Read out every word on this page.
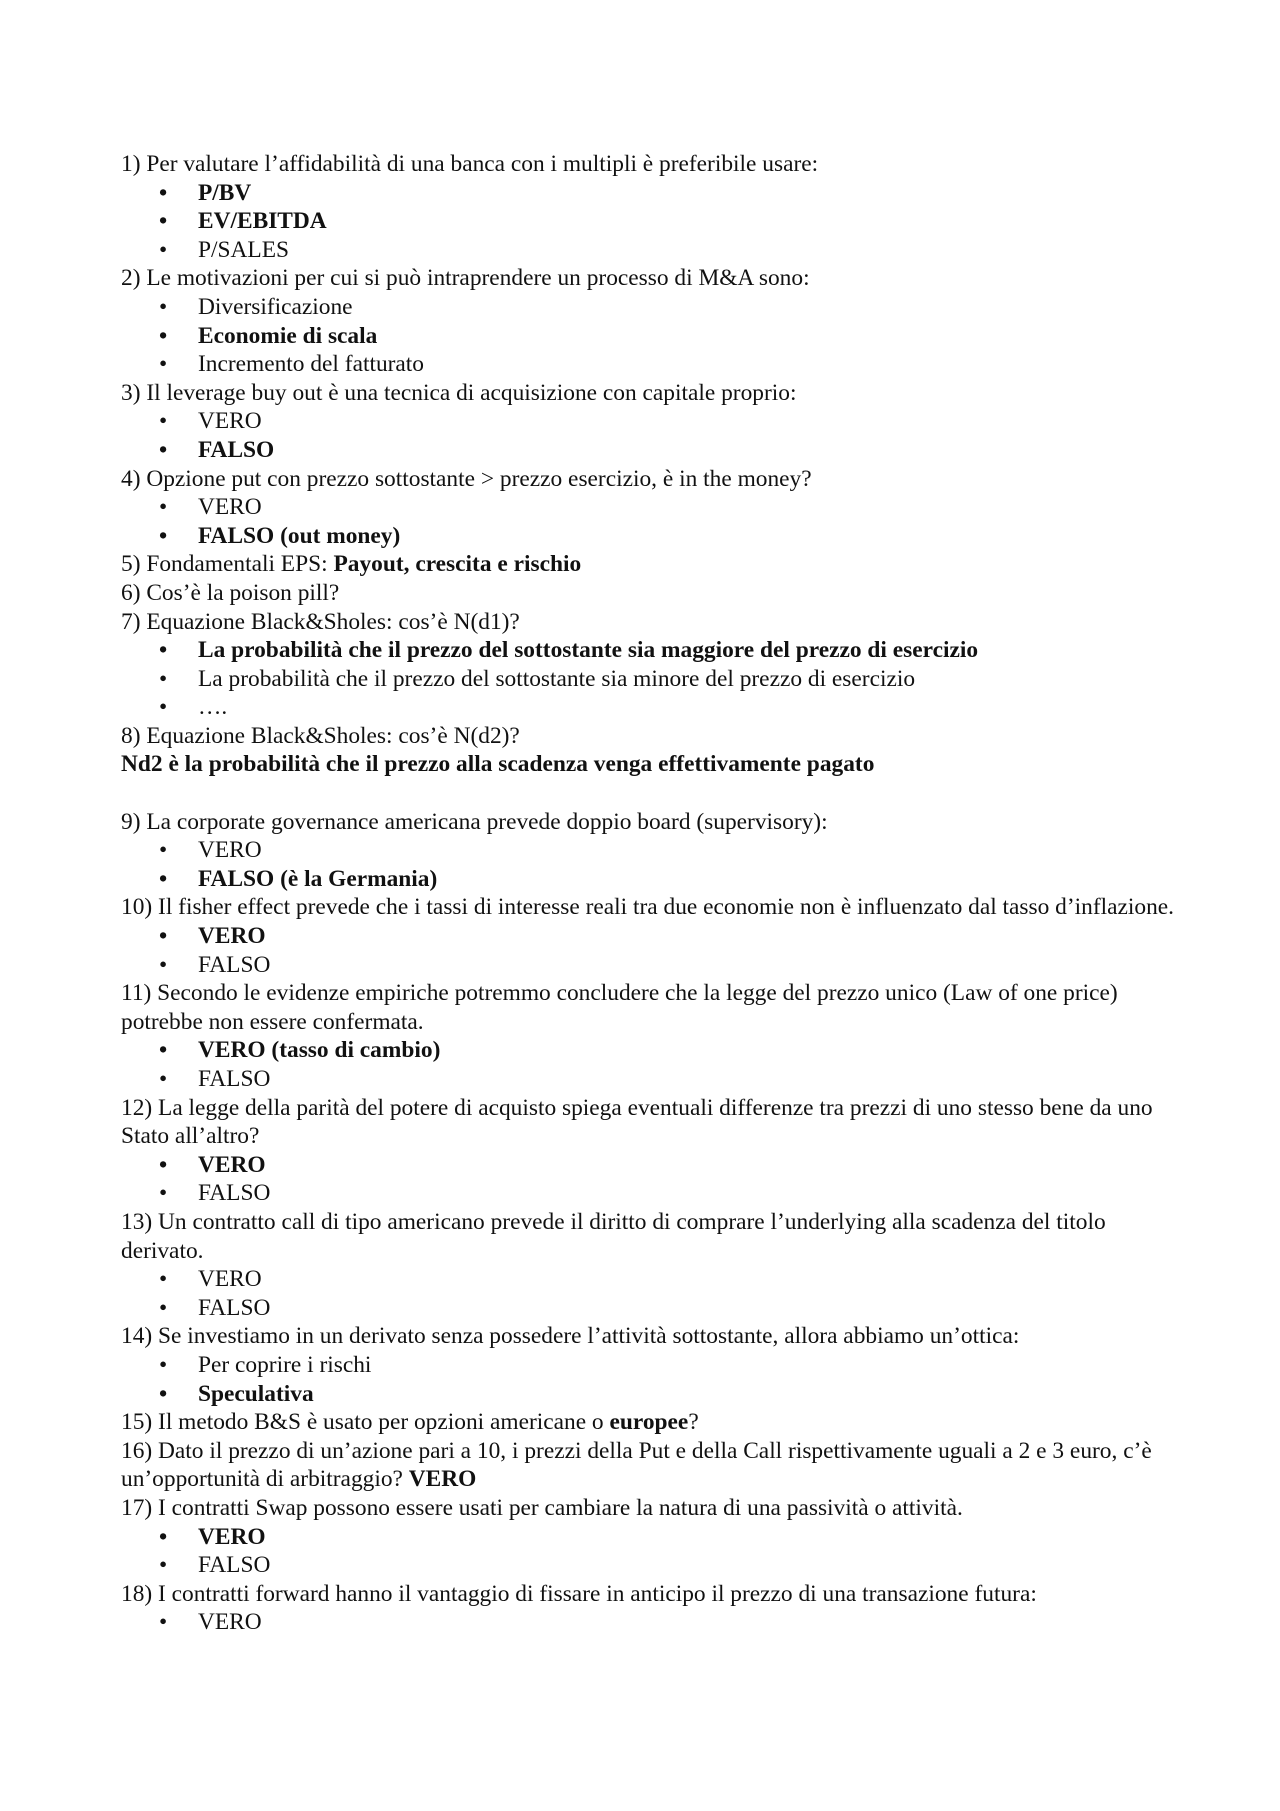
1) Per valutare l’affidabilità di una banca con i multipli è preferibile usare:
• P/BV
• EV/EBITDA
• P/SALES
2) Le motivazioni per cui si può intraprendere un processo di M&A sono:
• Diversificazione
• Economie di scala
• Incremento del fatturato
3) Il leverage buy out è una tecnica di acquisizione con capitale proprio:
• VERO
• FALSO
4) Opzione put con prezzo sottostante > prezzo esercizio, è in the money?
• VERO
• FALSO (out money)
5) Fondamentali EPS: Payout, crescita e rischio
6) Cos’è la poison pill?
7) Equazione Black&Sholes: cos’è N(d1)?
• La probabilità che il prezzo del sottostante sia maggiore del prezzo di esercizio
• La probabilità che il prezzo del sottostante sia minore del prezzo di esercizio
• ….
8) Equazione Black&Sholes: cos’è N(d2)?
Nd2 è la probabilità che il prezzo alla scadenza venga effettivamente pagato
9) La corporate governance americana prevede doppio board (supervisory):
• VERO
• FALSO (è la Germania)
10) Il fisher effect prevede che i tassi di interesse reali tra due economie non è influenzato dal tasso d’inflazione.
• VERO
• FALSO
11) Secondo le evidenze empiriche potremmo concludere che la legge del prezzo unico (Law of one price) potrebbe non essere confermata.
• VERO (tasso di cambio)
• FALSO
12) La legge della parità del potere di acquisto spiega eventuali differenze tra prezzi di uno stesso bene da uno Stato all’altro?
• VERO
• FALSO
13) Un contratto call di tipo americano prevede il diritto di comprare l’underlying alla scadenza del titolo derivato.
• VERO
• FALSO
14) Se investiamo in un derivato senza possedere l’attività sottostante, allora abbiamo un’ottica:
• Per coprire i rischi
• Speculativa
15) Il metodo B&S è usato per opzioni americane o europee?
16) Dato il prezzo di un’azione pari a 10, i prezzi della Put e della Call rispettivamente uguali a 2 e 3 euro, c’è un’opportunità di arbitraggio? VERO
17) I contratti Swap possono essere usati per cambiare la natura di una passività o attività.
• VERO
• FALSO
18) I contratti forward hanno il vantaggio di fissare in anticipo il prezzo di una transazione futura:
• VERO
